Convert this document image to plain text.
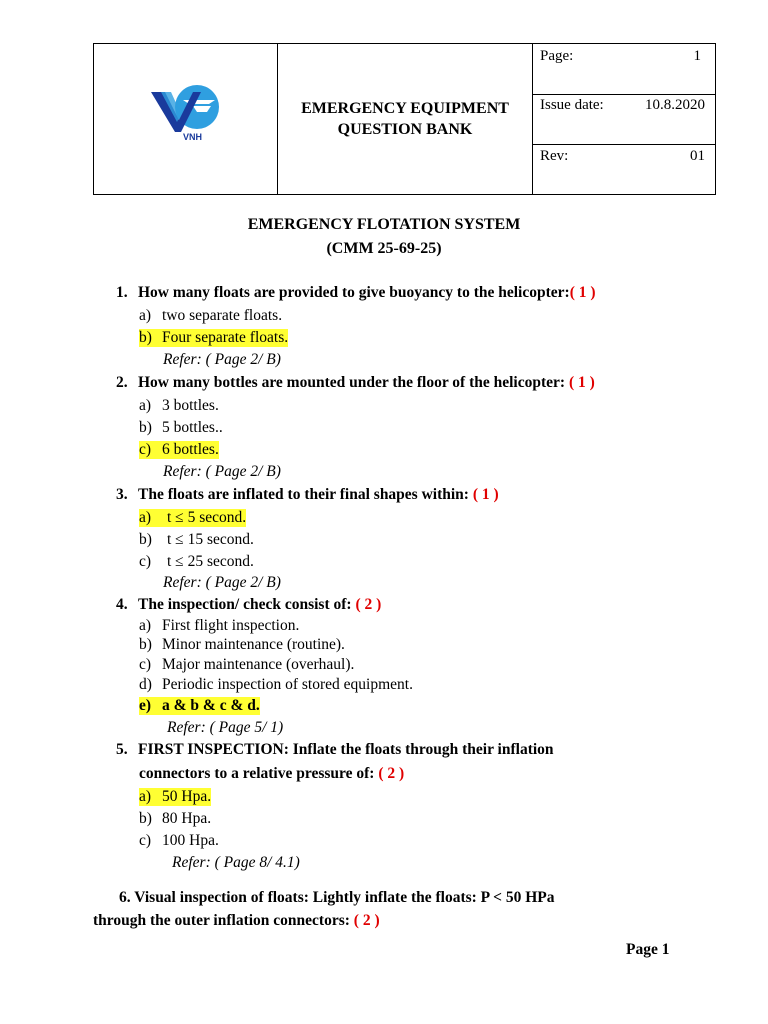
VNH
EMERGENCY EQUIPMENT
QUESTION BANK
Page:	1
Issue date:	10.8.2020
Rev:	01
EMERGENCY FLOTATION SYSTEM
(CMM 25-69-25)
1. How many floats are provided to give buoyancy to the helicopter:( 1 )
a) two separate floats.
b) Four separate floats.
Refer: ( Page 2/ B)
2. How many bottles are mounted under the floor of the helicopter: ( 1 )
a) 3 bottles.
b) 5 bottles..
c) 6 bottles.
Refer: ( Page 2/ B)
3. The floats are inflated to their final shapes within: ( 1 )
a) t ≤ 5 second.
b) t ≤ 15 second.
c) t ≤ 25 second.
Refer: ( Page 2/ B)
4. The inspection/ check consist of: ( 2 )
a) First flight inspection.
b) Minor maintenance (routine).
c) Major maintenance (overhaul).
d) Periodic inspection of stored equipment.
e) a & b & c & d.
Refer: ( Page 5/ 1)
5. FIRST INSPECTION: Inflate the floats through their inflation
connectors to a relative pressure of: ( 2 )
a) 50 Hpa.
b) 80 Hpa.
c) 100 Hpa.
Refer: ( Page 8/ 4.1)
6. Visual inspection of floats: Lightly inflate the floats: P < 50 HPa
through the outer inflation connectors: ( 2 )
Page 1
